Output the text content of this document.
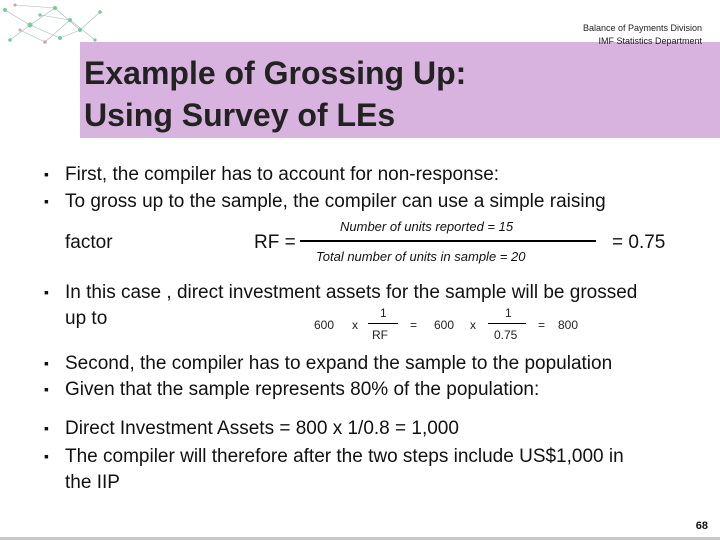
Balance of Payments Division
IMF Statistics Department
Example of Grossing Up:
Using Survey of LEs
▪ First, the compiler has to account for non-response:
▪ To gross up to the sample, the compiler can use a simple raising
factor	RF =
Number of units reported = 15
Total number of units in sample = 20
= 0.75
▪ In this case , direct investment assets for the sample will be grossed
up to	600 x
1
RF
= 600 x
1
0.75
= 800
▪ Second, the compiler has to expand the sample to the population
▪ Given that the sample represents 80% of the population:
▪ Direct Investment Assets = 800 x 1/0.8 = 1,000
▪ The compiler will therefore after the two steps include US$1,000 in
the IIP
68
